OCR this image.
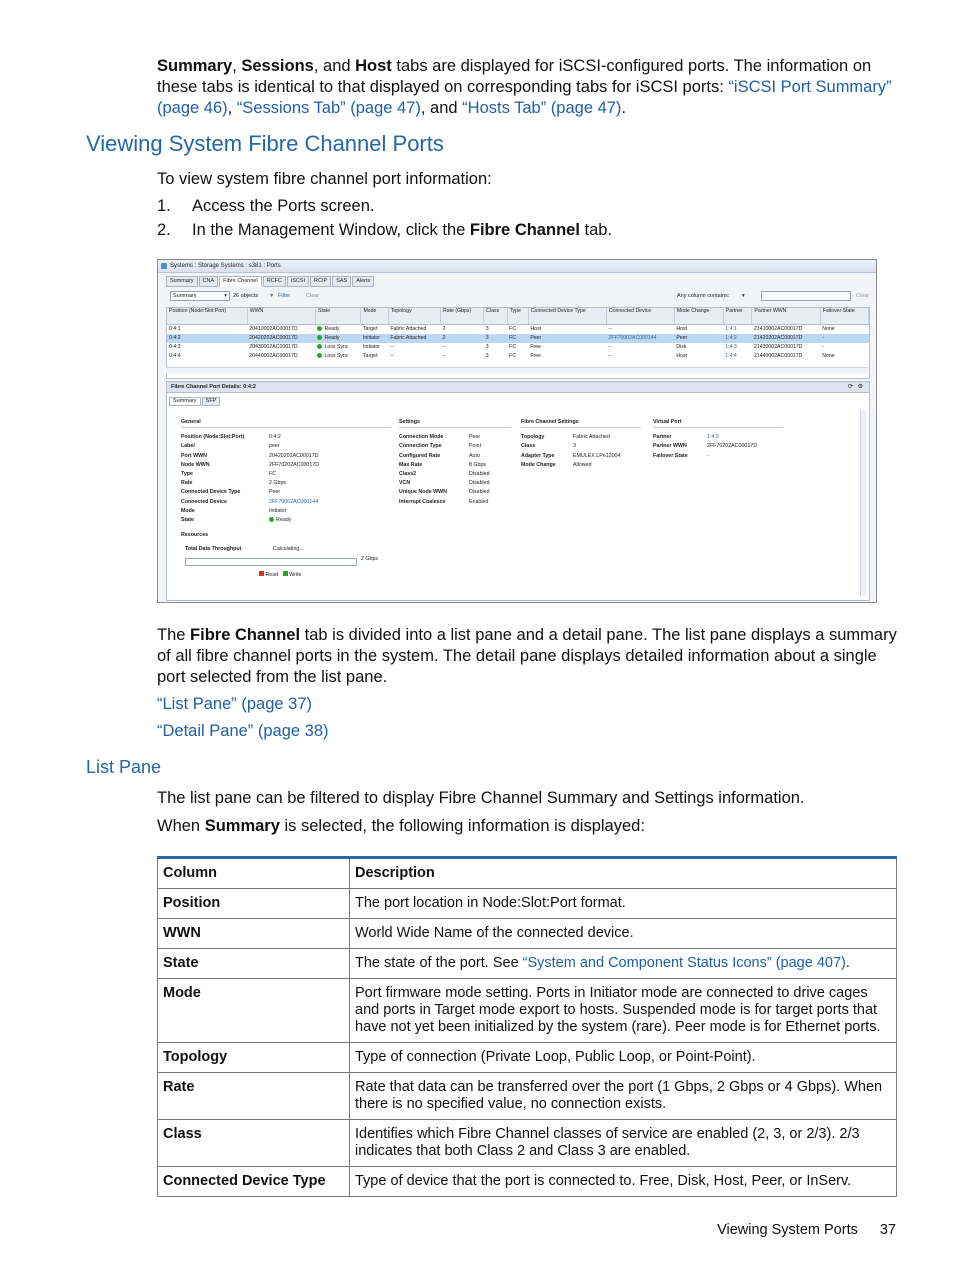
Summary, Sessions, and Host tabs are displayed for iSCSI-configured ports. The information on these tabs is identical to that displayed on corresponding tabs for iSCSI ports: “iSCSI Port Summary” (page 46), “Sessions Tab” (page 47), and “Hosts Tab” (page 47).
Viewing System Fibre Channel Ports
To view system fibre channel port information:
1. Access the Ports screen.
2. In the Management Window, click the Fibre Channel tab.
Systems : Storage Systems : s381 : Ports
Summary	CNA	Fibre Channel	RCFC	iSCSI	RCIP	SAS	Alerts
Summary ▾	26 objects ▼ Filter	Clear	Any column contains: ▾	Clear
Position (Node:Slot:Port)	WWN	State	Mode	Topology	Rate (Gbps)	Class	Type	Connected Device Type	Connected Device	Mode Change	Partner	Partner WWN	Failover State
0:4:1	20410002AC00017D	Ready	Target	Fabric Attached	2	3	FC	Host	--	Host	1:4:1	21410002AC00017D	None
0:4:2	20420202AC00017D	Ready	Initiator	Fabric Attached	2	3	FC	Peer	2FF70002AC000144	Peer	1:4:2	21420202AC00017D	-
0:4:3	20430002AC00017D	Loss Sync	Initiator	--	--	3	FC	Free	--	Disk	1:4:3	21430002AC00017D	-
0:4:4	20440002AC00017D	Loss Sync	Target	--	--	3	FC	Free	--	Host	1:4:4	21440002AC00017D	None
Fibre Channel Port Details: 0:4:2	⟳ ⚙
Summary	SFP
General
Position (Node:Slot:Port)	0:4:2
Label	peer
Port WWN	20420202AC00017D
Node WWN	2FF70202AC00017D
Type	FC
Rate	2 Gbps
Connected Device Type	Peer
Connected Device	2FF70002AC000144
Mode	Initiator
State	Ready
Resources
Total Data Throughput	Calculating...
2 Gbps
Read Write
Settings
Connection Mode	Peer
Connection Type	Point
Configured Rate	Auto
Max Rate	8 Gbps
Class2	Disabled
VCN	Disabled
Unique Node WWN	Disabled
Interrupt Coalesce	Enabled
Fibre Channel Settings
Topology	Fabric Attached
Class	3
Adapter Type	EMULEX LPe12004
Mode Change	Allowed
Virtual Port
Partner	1:4:2
Partner WWN	2FF70202AC00017D
Failover State	-
The Fibre Channel tab is divided into a list pane and a detail pane. The list pane displays a summary of all fibre channel ports in the system. The detail pane displays detailed information about a single port selected from the list pane.
“List Pane” (page 37)
“Detail Pane” (page 38)
List Pane
The list pane can be filtered to display Fibre Channel Summary and Settings information.
When Summary is selected, the following information is displayed:
Column	Description
Position	The port location in Node:Slot:Port format.
WWN	World Wide Name of the connected device.
State	The state of the port. See “System and Component Status Icons” (page 407).
Mode	Port firmware mode setting. Ports in Initiator mode are connected to drive cages and ports in Target mode export to hosts. Suspended mode is for target ports that have not yet been initialized by the system (rare). Peer mode is for Ethernet ports.
Topology	Type of connection (Private Loop, Public Loop, or Point-Point).
Rate	Rate that data can be transferred over the port (1 Gbps, 2 Gbps or 4 Gbps). When there is no specified value, no connection exists.
Class	Identifies which Fibre Channel classes of service are enabled (2, 3, or 2/3). 2/3 indicates that both Class 2 and Class 3 are enabled.
Connected Device Type	Type of device that the port is connected to. Free, Disk, Host, Peer, or InServ.
Viewing System Ports 37
